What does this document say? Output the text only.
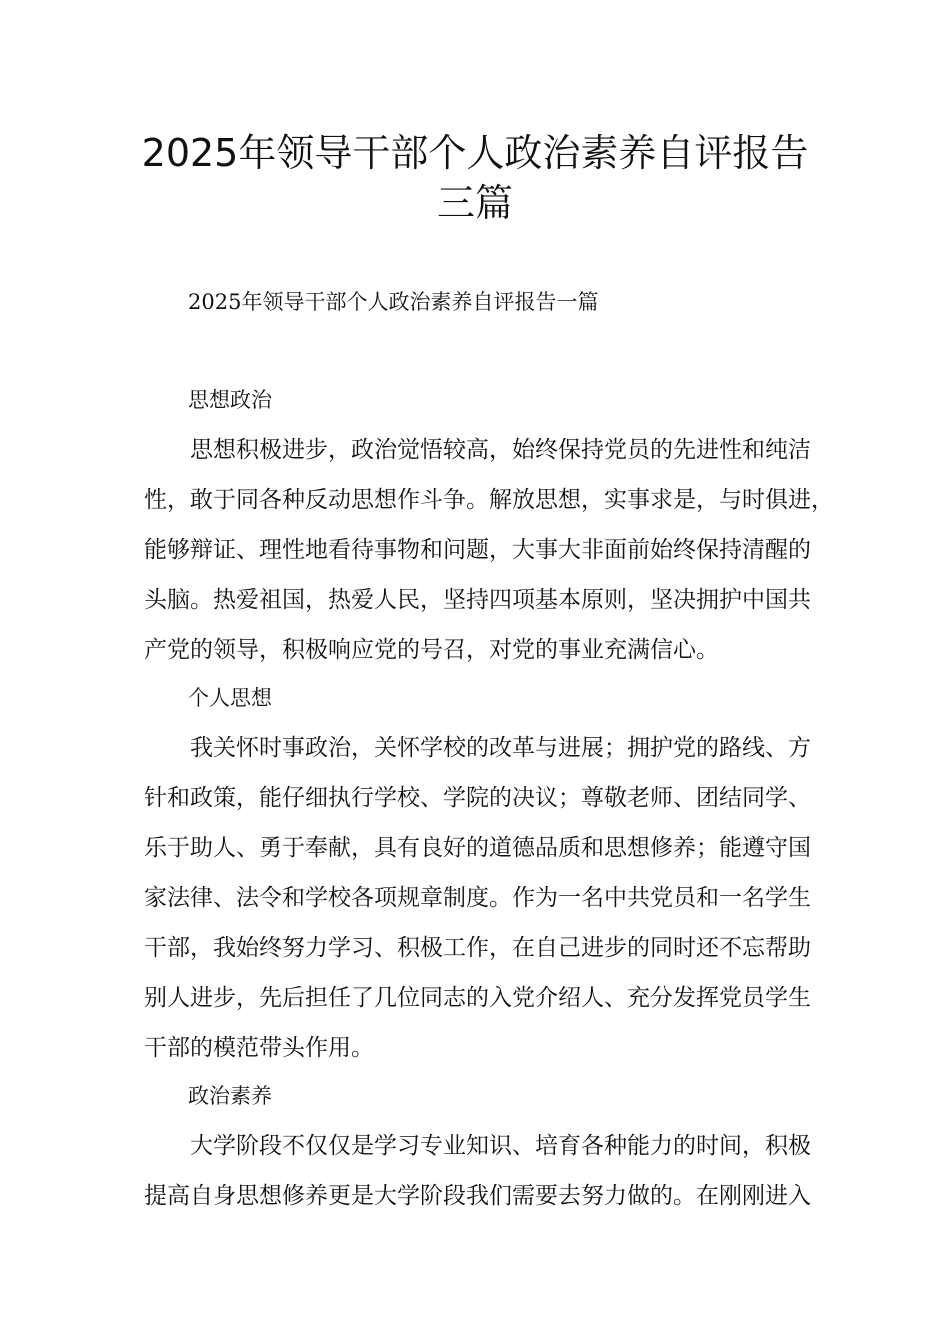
2025年领导干部个人政治素养自评报告
三篇

2025年领导干部个人政治素养自评报告一篇

思想政治

思想积极进步，政治觉悟较高，始终保持党员的先进性和纯洁

性，敢于同各种反动思想作斗争。解放思想，实事求是，与时俱进，

能够辩证、理性地看待事物和问题，大事大非面前始终保持清醒的

头脑。热爱祖国，热爱人民，坚持四项基本原则，坚决拥护中国共

产党的领导，积极响应党的号召，对党的事业充满信心。

个人思想

我关怀时事政治，关怀学校的改革与进展；拥护党的路线、方

针和政策，能仔细执行学校、学院的决议；尊敬老师、团结同学、

乐于助人、勇于奉献，具有良好的道德品质和思想修养；能遵守国

家法律、法令和学校各项规章制度。作为一名中共党员和一名学生

干部，我始终努力学习、积极工作，在自己进步的同时还不忘帮助

别人进步，先后担任了几位同志的入党介绍人、充分发挥党员学生

干部的模范带头作用。

政治素养

大学阶段不仅仅是学习专业知识、培育各种能力的时间，积极

提高自身思想修养更是大学阶段我们需要去努力做的。在刚刚进入
